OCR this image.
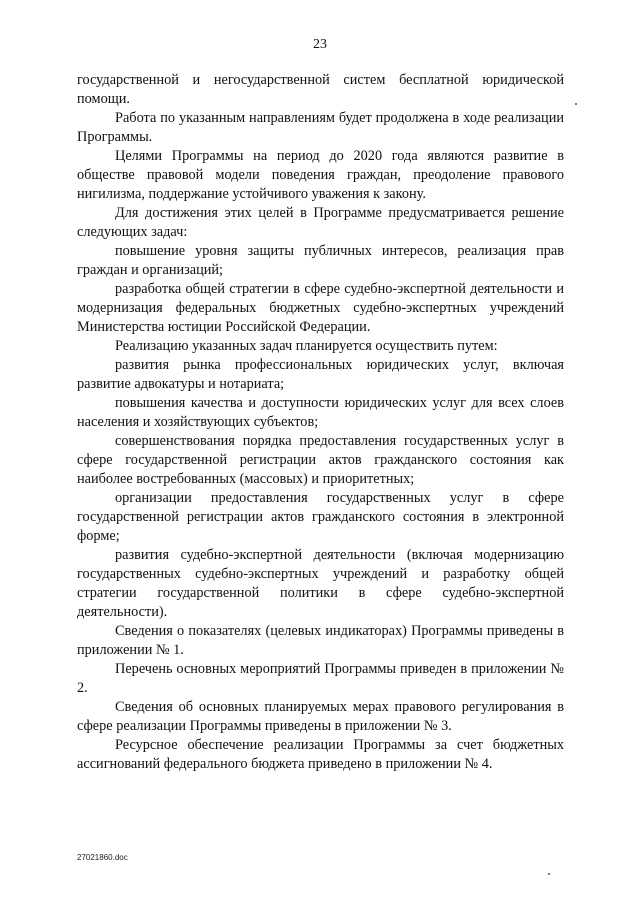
23

государственной и негосударственной систем бесплатной юридической помощи.

Работа по указанным направлениям будет продолжена в ходе реализации Программы.

Целями Программы на период до 2020 года являются развитие в обществе правовой модели поведения граждан, преодоление правового нигилизма, поддержание устойчивого уважения к закону.

Для достижения этих целей в Программе предусматривается решение следующих задач:

повышение уровня защиты публичных интересов, реализация прав граждан и организаций;

разработка общей стратегии в сфере судебно-экспертной деятельности и модернизация федеральных бюджетных судебно-экспертных учреждений Министерства юстиции Российской Федерации.

Реализацию указанных задач планируется осуществить путем:

развития рынка профессиональных юридических услуг, включая развитие адвокатуры и нотариата;

повышения качества и доступности юридических услуг для всех слоев населения и хозяйствующих субъектов;

совершенствования порядка предоставления государственных услуг в сфере государственной регистрации актов гражданского состояния как наиболее востребованных (массовых) и приоритетных;

организации предоставления государственных услуг в сфере государственной регистрации актов гражданского состояния в электронной форме;

развития судебно-экспертной деятельности (включая модернизацию государственных судебно-экспертных учреждений и разработку общей стратегии государственной политики в сфере судебно-экспертной деятельности).

Сведения о показателях (целевых индикаторах) Программы приведены в приложении № 1.

Перечень основных мероприятий Программы приведен в приложении № 2.

Сведения об основных планируемых мерах правового регулирования в сфере реализации Программы приведены в приложении № 3.

Ресурсное обеспечение реализации Программы за счет бюджетных ассигнований федерального бюджета приведено в приложении № 4.

27021860.doc
